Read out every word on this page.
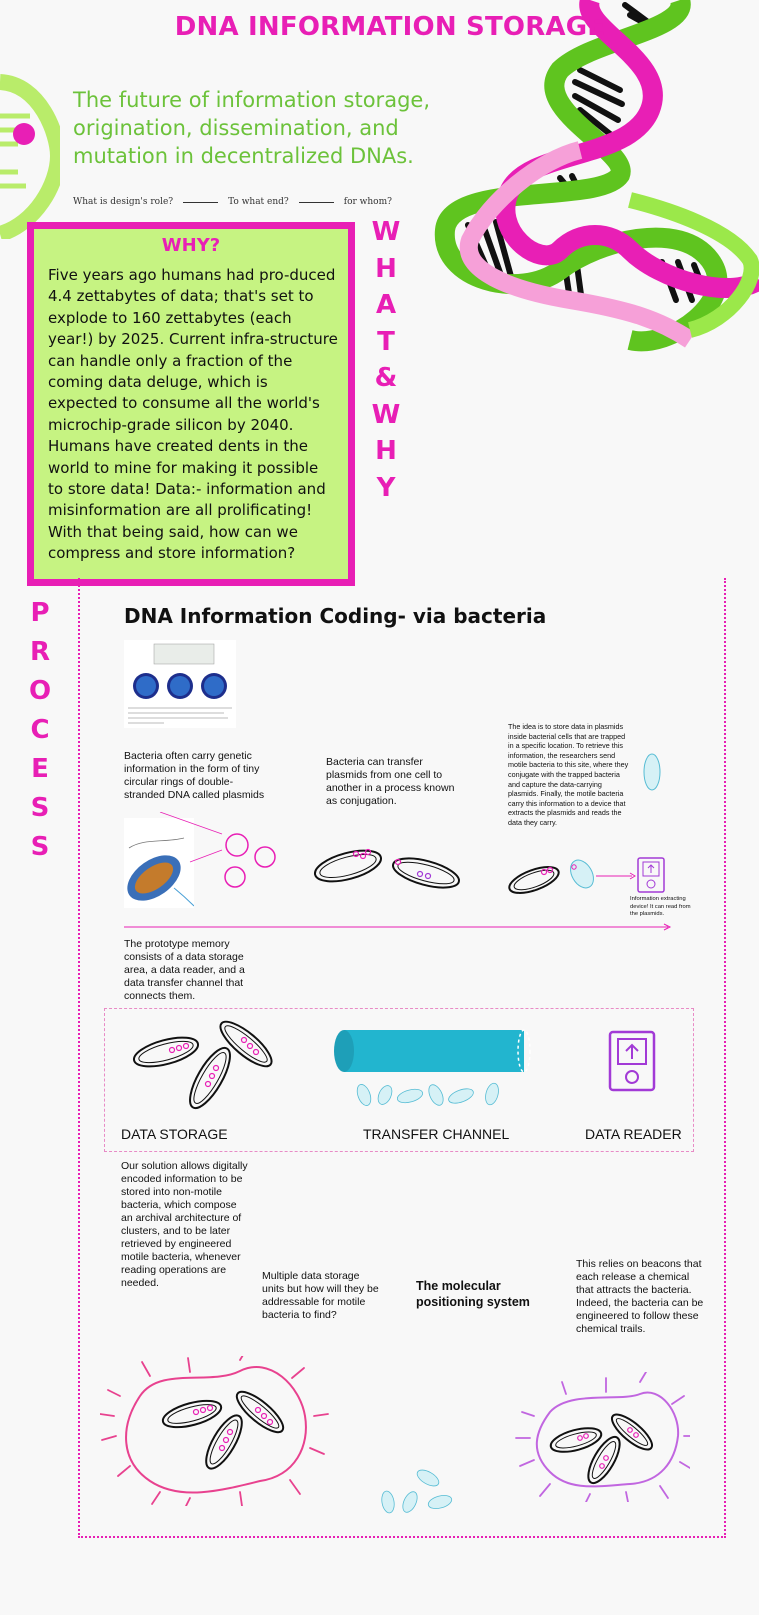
DNA INFORMATION STORAGE
The future of information storage, origination, dissemination, and mutation in decentralized DNAs.
What is design's role?	To what end?	for whom?
WHY?
Five years ago humans had pro-duced 4.4 zettabytes of data; that's set to explode to 160 zettabytes (each year!) by 2025. Current infra-structure can handle only a fraction of the coming data deluge, which is expected to consume all the world's microchip-grade silicon by 2040. Humans have created dents in the world to mine for making it possible to store data! Data:- information and misinformation are all prolificating! With that being said, how can we compress and store information?
W
H
A
T
&
W
H
Y
P
R
O
C
E
S
S
DNA Information Coding- via bacteria
Bacteria often carry genetic information in the form of tiny circular rings of double-stranded DNA called plasmids
Bacteria can transfer plasmids from one cell to another in a process known as conjugation.
The idea is to store data in plasmids inside bacterial cells that are trapped in a specific location. To retrieve this information, the researchers send motile bacteria to this site, where they conjugate with the trapped bacteria and capture the data-carrying plasmids. Finally, the motile bacteria carry this information to a device that extracts the plasmids and reads the data they carry.
Information extracting device! It can read from the plasmids.
The prototype memory consists of a data storage area, a data reader, and a data transfer channel that connects them.
DATA STORAGE	TRANSFER CHANNEL	DATA READER
Our solution allows digitally encoded information to be stored into non-motile bacteria, which compose an archival architecture of clusters, and to be later retrieved by engineered motile bacteria, whenever reading operations are needed.
Multiple data storage units but how will they be addressable for motile bacteria to find?
The molecular positioning system
This relies on beacons that each release a chemical that attracts the bacteria. Indeed, the bacteria can be engineered to follow these chemical trails.
